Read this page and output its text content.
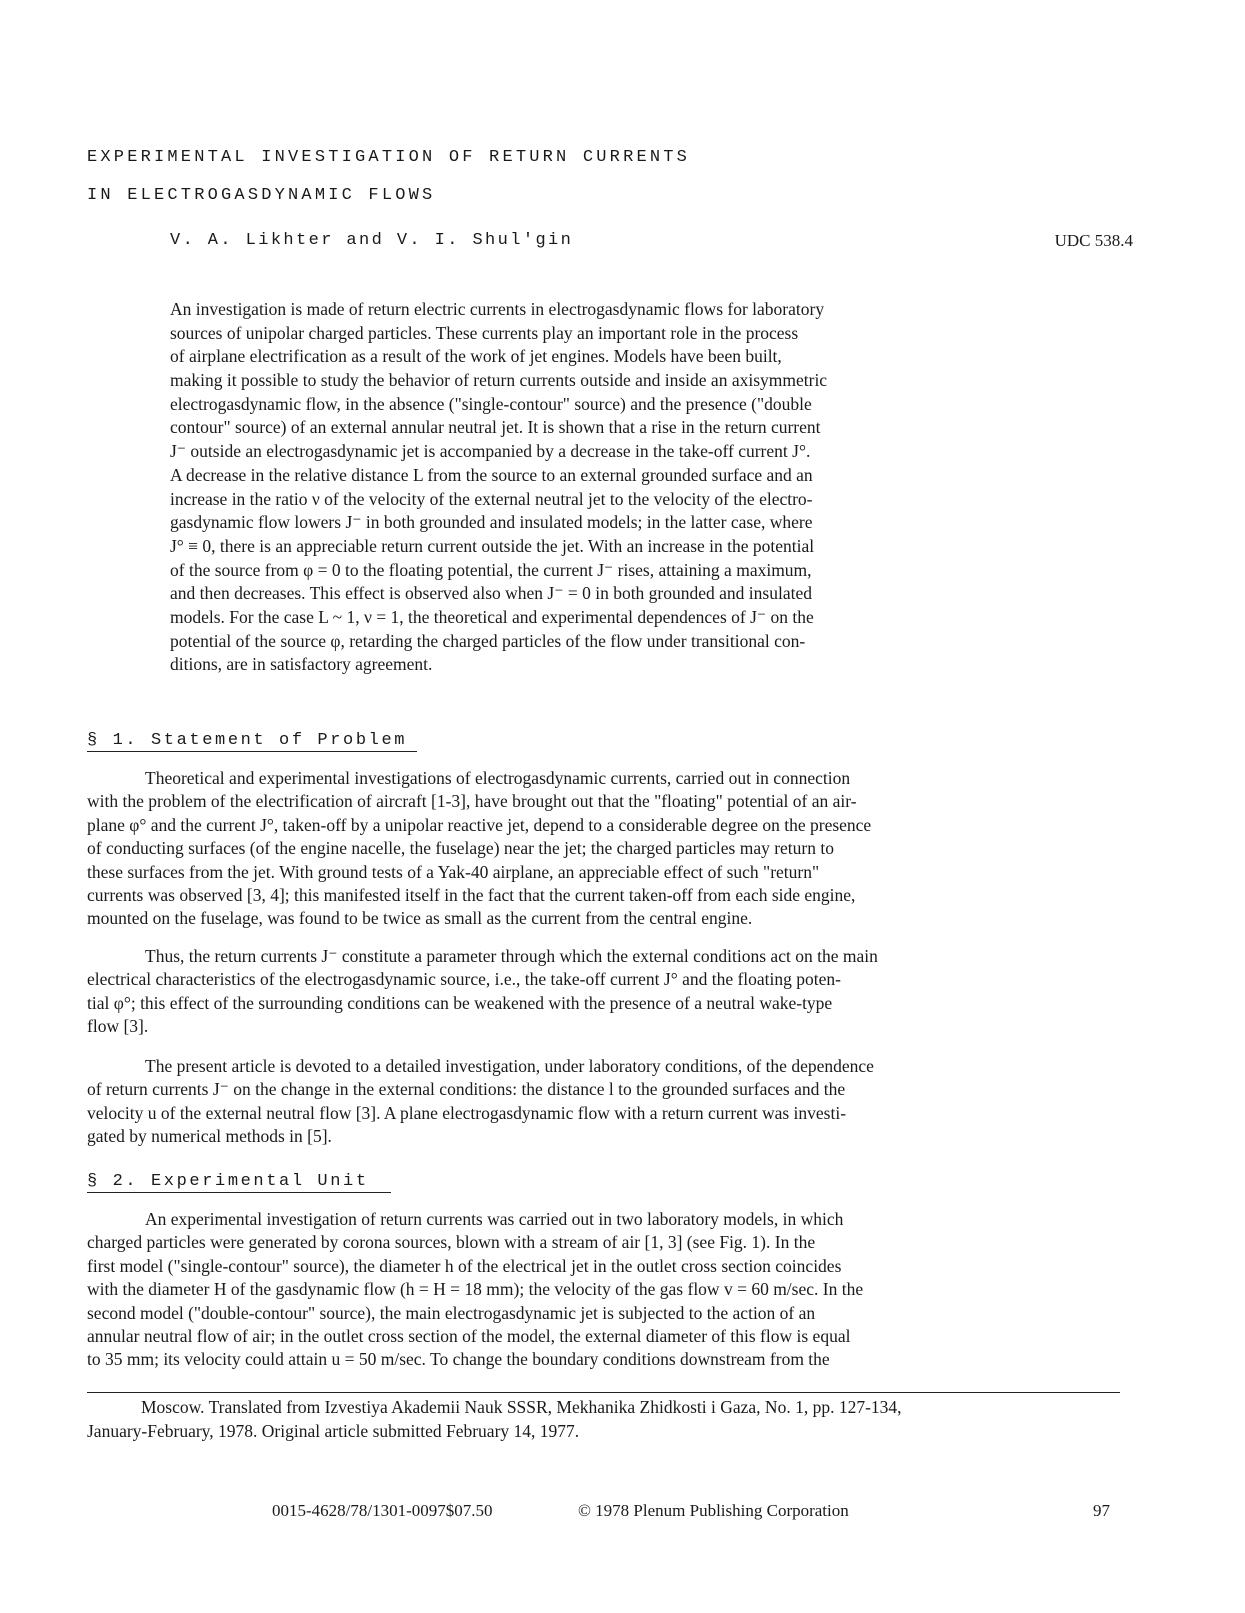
EXPERIMENTAL INVESTIGATION OF RETURN CURRENTS
IN ELECTROGASDYNAMIC FLOWS
V. A. Likhter and V. I. Shul'gin	UDC 538.4
An investigation is made of return electric currents in electrogasdynamic flows for laboratory
sources of unipolar charged particles. These currents play an important role in the process
of airplane electrification as a result of the work of jet engines. Models have been built,
making it possible to study the behavior of return currents outside and inside an axisymmetric
electrogasdynamic flow, in the absence ("single-contour" source) and the presence ("double
contour" source) of an external annular neutral jet. It is shown that a rise in the return current
J⁻ outside an electrogasdynamic jet is accompanied by a decrease in the take-off current J°.
A decrease in the relative distance L from the source to an external grounded surface and an
increase in the ratio ν of the velocity of the external neutral jet to the velocity of the electro-
gasdynamic flow lowers J⁻ in both grounded and insulated models; in the latter case, where
J° ≡ 0, there is an appreciable return current outside the jet. With an increase in the potential
of the source from φ = 0 to the floating potential, the current J⁻ rises, attaining a maximum,
and then decreases. This effect is observed also when J⁻ = 0 in both grounded and insulated
models. For the case L ~ 1, ν = 1, the theoretical and experimental dependences of J⁻ on the
potential of the source φ, retarding the charged particles of the flow under transitional con-
ditions, are in satisfactory agreement.
§ 1. Statement of Problem
Theoretical and experimental investigations of electrogasdynamic currents, carried out in connection
with the problem of the electrification of aircraft [1-3], have brought out that the "floating" potential of an air-
plane φ° and the current J°, taken-off by a unipolar reactive jet, depend to a considerable degree on the presence
of conducting surfaces (of the engine nacelle, the fuselage) near the jet; the charged particles may return to
these surfaces from the jet. With ground tests of a Yak-40 airplane, an appreciable effect of such "return"
currents was observed [3, 4]; this manifested itself in the fact that the current taken-off from each side engine,
mounted on the fuselage, was found to be twice as small as the current from the central engine.
Thus, the return currents J⁻ constitute a parameter through which the external conditions act on the main
electrical characteristics of the electrogasdynamic source, i.e., the take-off current J° and the floating poten-
tial φ°; this effect of the surrounding conditions can be weakened with the presence of a neutral wake-type
flow [3].
The present article is devoted to a detailed investigation, under laboratory conditions, of the dependence
of return currents J⁻ on the change in the external conditions: the distance l to the grounded surfaces and the
velocity u of the external neutral flow [3]. A plane electrogasdynamic flow with a return current was investi-
gated by numerical methods in [5].
§ 2. Experimental Unit
An experimental investigation of return currents was carried out in two laboratory models, in which
charged particles were generated by corona sources, blown with a stream of air [1, 3] (see Fig. 1). In the
first model ("single-contour" source), the diameter h of the electrical jet in the outlet cross section coincides
with the diameter H of the gasdynamic flow (h = H = 18 mm); the velocity of the gas flow v = 60 m/sec. In the
second model ("double-contour" source), the main electrogasdynamic jet is subjected to the action of an
annular neutral flow of air; in the outlet cross section of the model, the external diameter of this flow is equal
to 35 mm; its velocity could attain u = 50 m/sec. To change the boundary conditions downstream from the
Moscow. Translated from Izvestiya Akademii Nauk SSSR, Mekhanika Zhidkosti i Gaza, No. 1, pp. 127-134,
January-February, 1978. Original article submitted February 14, 1977.
0015-4628/78/1301-0097$07.50	© 1978 Plenum Publishing Corporation	97
